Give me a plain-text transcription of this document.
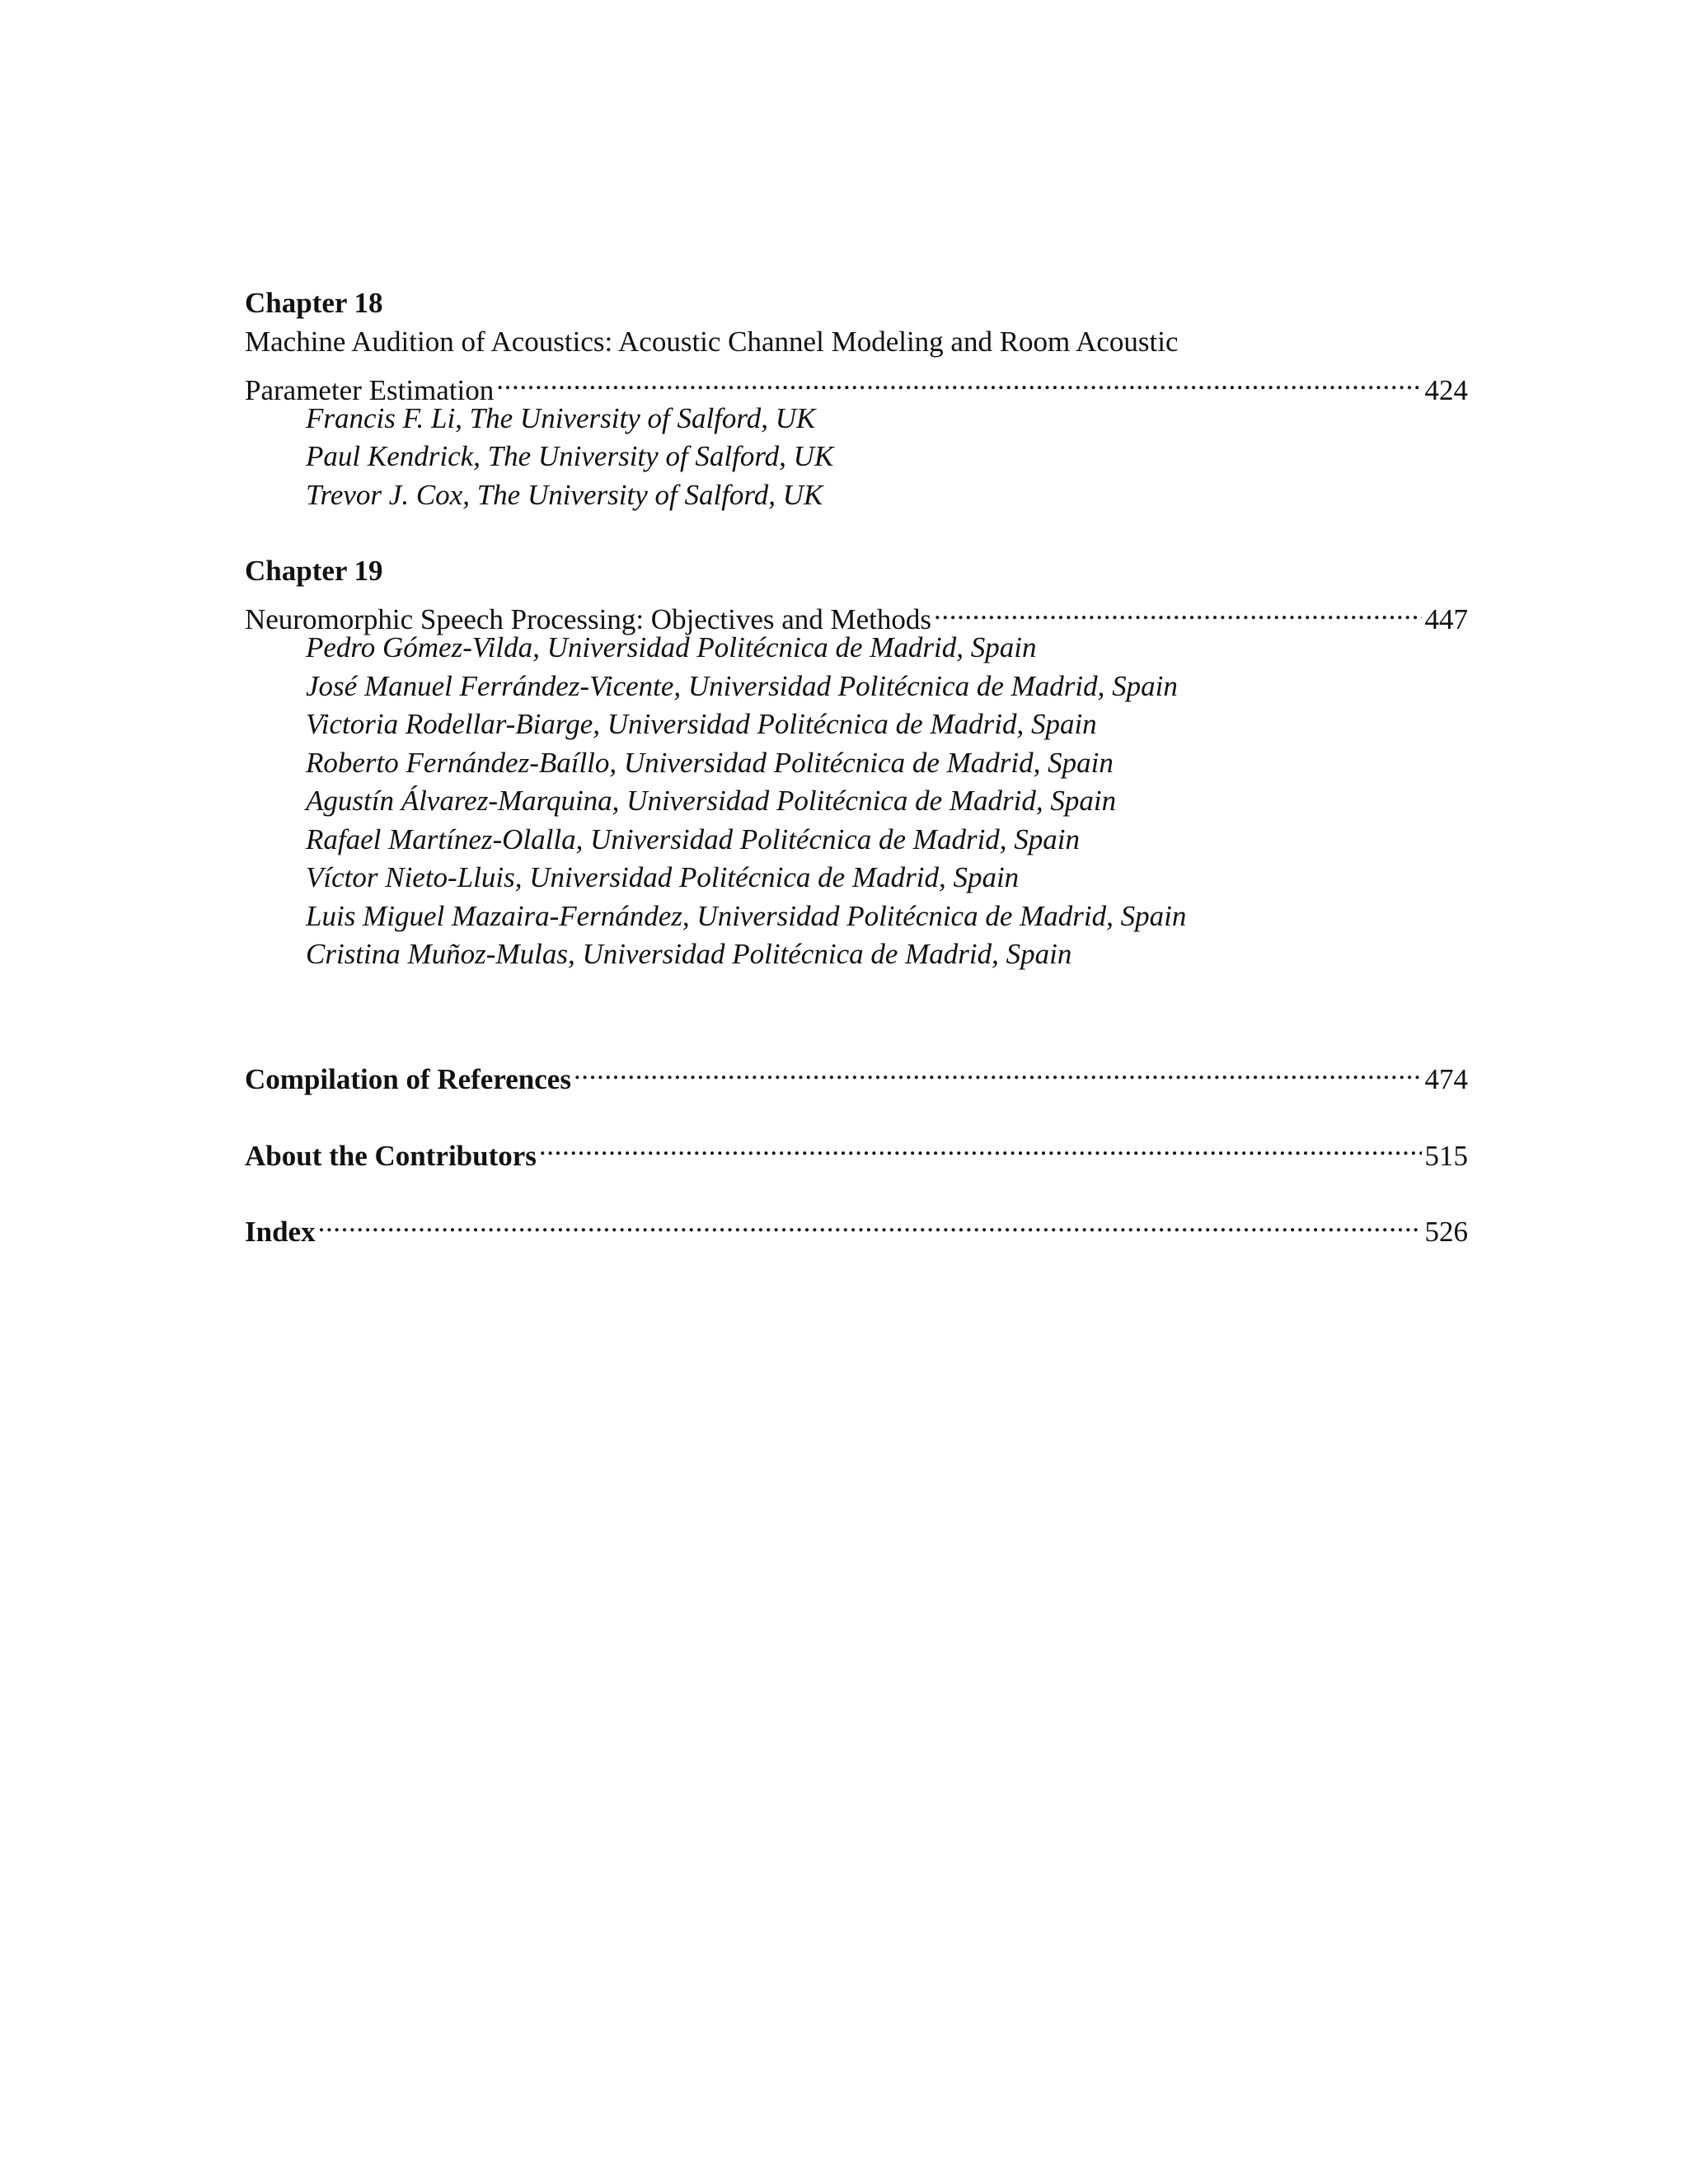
Chapter 18
Machine Audition of Acoustics: Acoustic Channel Modeling and Room Acoustic
Parameter Estimation .....	424
Francis F. Li, The University of Salford, UK
Paul Kendrick, The University of Salford, UK
Trevor J. Cox, The University of Salford, UK
Chapter 19
Neuromorphic Speech Processing: Objectives and Methods .....	447
Pedro Gómez-Vilda, Universidad Politécnica de Madrid, Spain
José Manuel Ferrández-Vicente, Universidad Politécnica de Madrid, Spain
Victoria Rodellar-Biarge, Universidad Politécnica de Madrid, Spain
Roberto Fernández-Baíllo, Universidad Politécnica de Madrid, Spain
Agustín Álvarez-Marquina, Universidad Politécnica de Madrid, Spain
Rafael Martínez-Olalla, Universidad Politécnica de Madrid, Spain
Víctor Nieto-Lluis, Universidad Politécnica de Madrid, Spain
Luis Miguel Mazaira-Fernández, Universidad Politécnica de Madrid, Spain
Cristina Muñoz-Mulas, Universidad Politécnica de Madrid, Spain
Compilation of References .....	474
About the Contributors .....	515
Index .....	526
